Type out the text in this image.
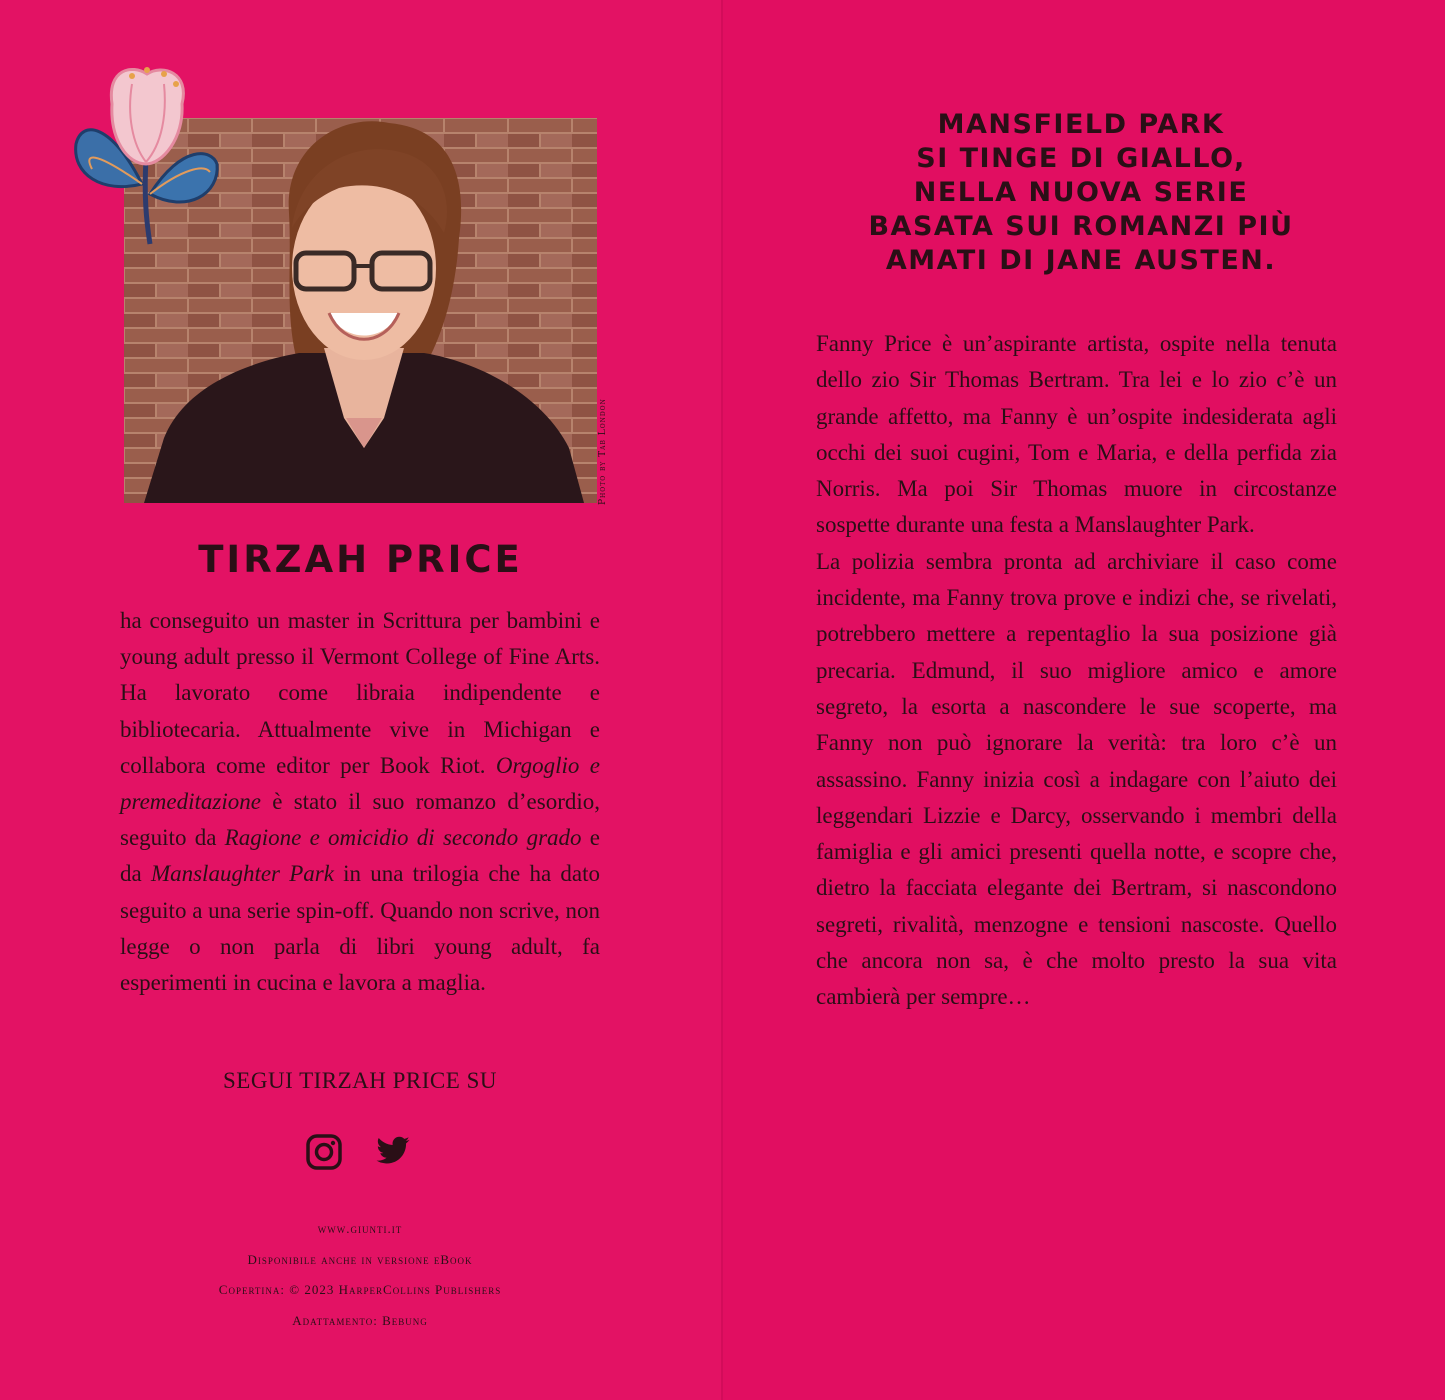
Photo by Tab London
TIRZAH PRICE
ha conseguito un master in Scrittura per bambini e young adult presso il Vermont College of Fine Arts. Ha lavorato come libraia indipendente e bibliotecaria. Attualmente vive in Michigan e collabora come editor per Book Riot. Orgoglio e premeditazione è stato il suo romanzo d’esordio, seguito da Ragione e omicidio di secondo grado e da Manslaughter Park in una trilogia che ha dato seguito a una serie spin-off. Quando non scrive, non legge o non parla di libri young adult, fa esperimenti in cucina e lavora a maglia.
SEGUI TIRZAH PRICE SU
www.giunti.it
Disponibile anche in versione eBook
Copertina: © 2023 HarperCollins Publishers
Adattamento: Bebung
MANSFIELD PARK
SI TINGE DI GIALLO,
NELLA NUOVA SERIE
BASATA SUI ROMANZI PIÙ
AMATI DI JANE AUSTEN.

Fanny Price è un’aspirante artista, ospite nella tenuta dello zio Sir Thomas Bertram. Tra lei e lo zio c’è un grande affetto, ma Fanny è un’ospite indesiderata agli occhi dei suoi cugini, Tom e Maria, e della perfida zia Norris. Ma poi Sir Thomas muore in circostanze sospette durante una festa a Manslaughter Park.

La polizia sembra pronta ad archiviare il caso come incidente, ma Fanny trova prove e indizi che, se rivelati, potrebbero mettere a repentaglio la sua posizione già precaria. Edmund, il suo migliore amico e amore segreto, la esorta a nascondere le sue scoperte, ma Fanny non può ignorare la verità: tra loro c’è un assassino. Fanny inizia così a indagare con l’aiuto dei leggendari Lizzie e Darcy, osservando i membri della famiglia e gli amici presenti quella notte, e scopre che, dietro la facciata elegante dei Bertram, si nascondono segreti, rivalità, menzogne e tensioni nascoste. Quello che ancora non sa, è che molto presto la sua vita cambierà per sempre…
